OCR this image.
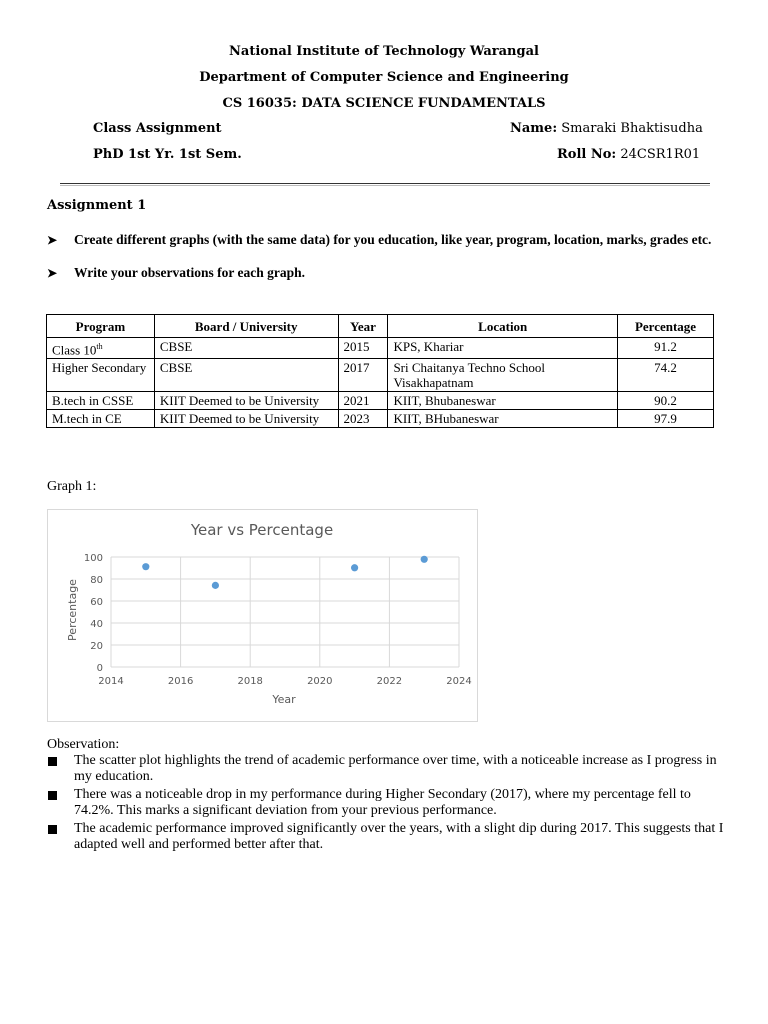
National Institute of Technology Warangal
Department of Computer Science and Engineering
CS 16035: DATA SCIENCE FUNDAMENTALS
Class Assignment
PhD 1st Yr. 1st Sem.
Name: Smaraki Bhaktisudha
Roll No: 24CSR1R01
Assignment 1
➤ Create different graphs (with the same data) for you education, like year, program, location, marks, grades etc.
➤ Write your observations for each graph.
Program	Board / University	Year	Location	Percentage
Class 10th	CBSE	2015	KPS, Khariar	91.2
Higher Secondary	CBSE	2017	Sri Chaitanya Techno School Visakhapatnam	74.2
B.tech in CSSE	KIIT Deemed to be University	2021	KIIT, Bhubaneswar	90.2
M.tech in CE	KIIT Deemed to be University	2023	KIIT, BHubaneswar	97.9
Graph 1:
Year vs Percentage
0
20
40
60
80
100
2014	2016	2018	2020	2022	2024
Year
Percentage
Observation:
The scatter plot highlights the trend of academic performance over time, with a noticeable increase as I progress in my education.
There was a noticeable drop in my performance during Higher Secondary (2017), where my percentage fell to 74.2%. This marks a significant deviation from your previous performance.
The academic performance improved significantly over the years, with a slight dip during 2017. This suggests that I adapted well and performed better after that.
